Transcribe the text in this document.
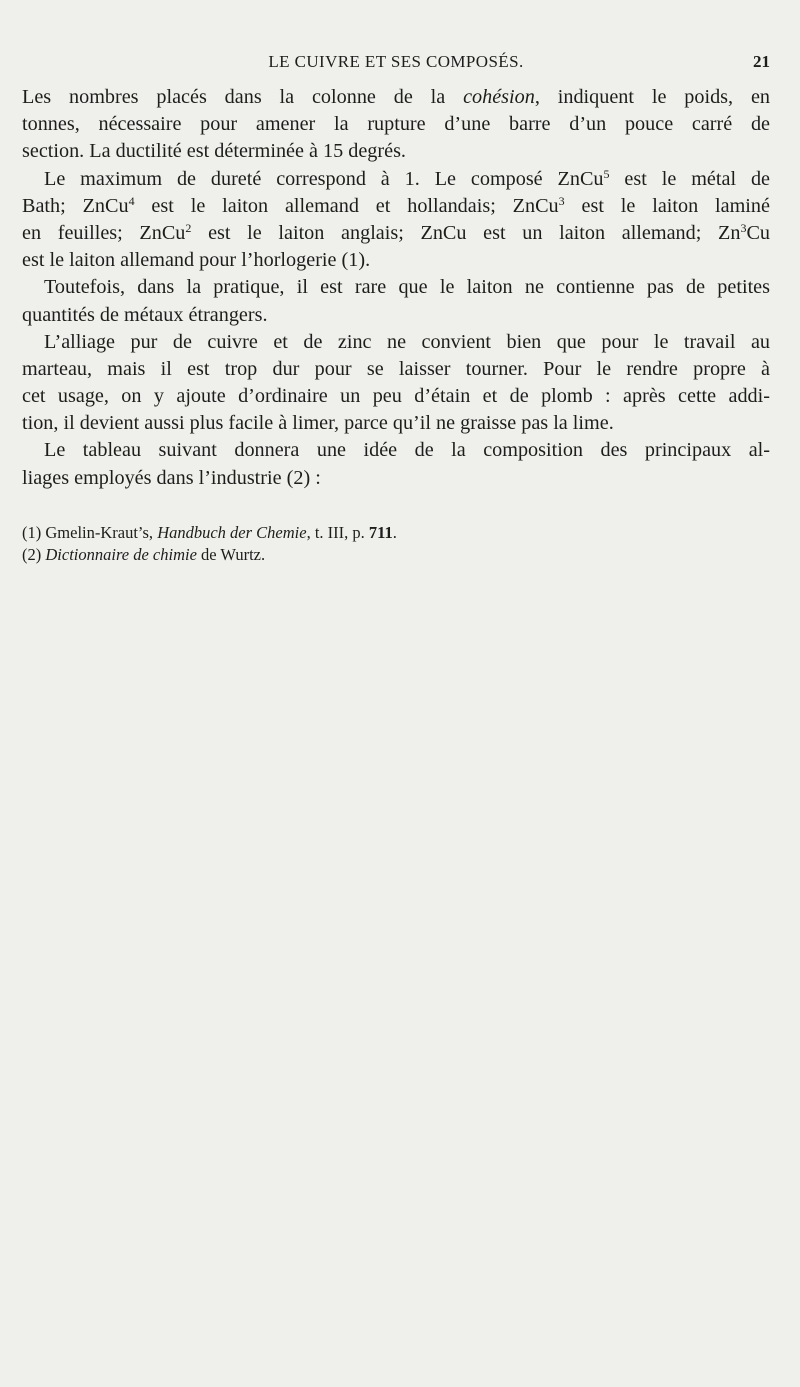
LE CUIVRE ET SES COMPOSÉS.	21
Les nombres placés dans la colonne de la cohésion, indiquent le poids, en
tonnes, nécessaire pour amener la rupture d’une barre d’un pouce carré de
section. La ductilité est déterminée à 15 degrés.
Le maximum de dureté correspond à 1. Le composé ZnCu$^5$ est le métal de
Bath; ZnCu$^4$ est le laiton allemand et hollandais; ZnCu$^3$ est le laiton laminé
en feuilles; ZnCu$^2$ est le laiton anglais; ZnCu est un laiton allemand; Zn$^3$Cu
est le laiton allemand pour l’horlogerie (1).
Toutefois, dans la pratique, il est rare que le laiton ne contienne pas de petites
quantités de métaux étrangers.
L’alliage pur de cuivre et de zinc ne convient bien que pour le travail au
marteau, mais il est trop dur pour se laisser tourner. Pour le rendre propre à
cet usage, on y ajoute d’ordinaire un peu d’étain et de plomb : après cette addi-
tion, il devient aussi plus facile à limer, parce qu’il ne graisse pas la lime.
Le tableau suivant donnera une idée de la composition des principaux al-
liages employés dans l’industrie (2) :
(1) Gmelin-Kraut’s, Handbuch der Chemie, t. III, p. 711.
(2) Dictionnaire de chimie de Wurtz.
